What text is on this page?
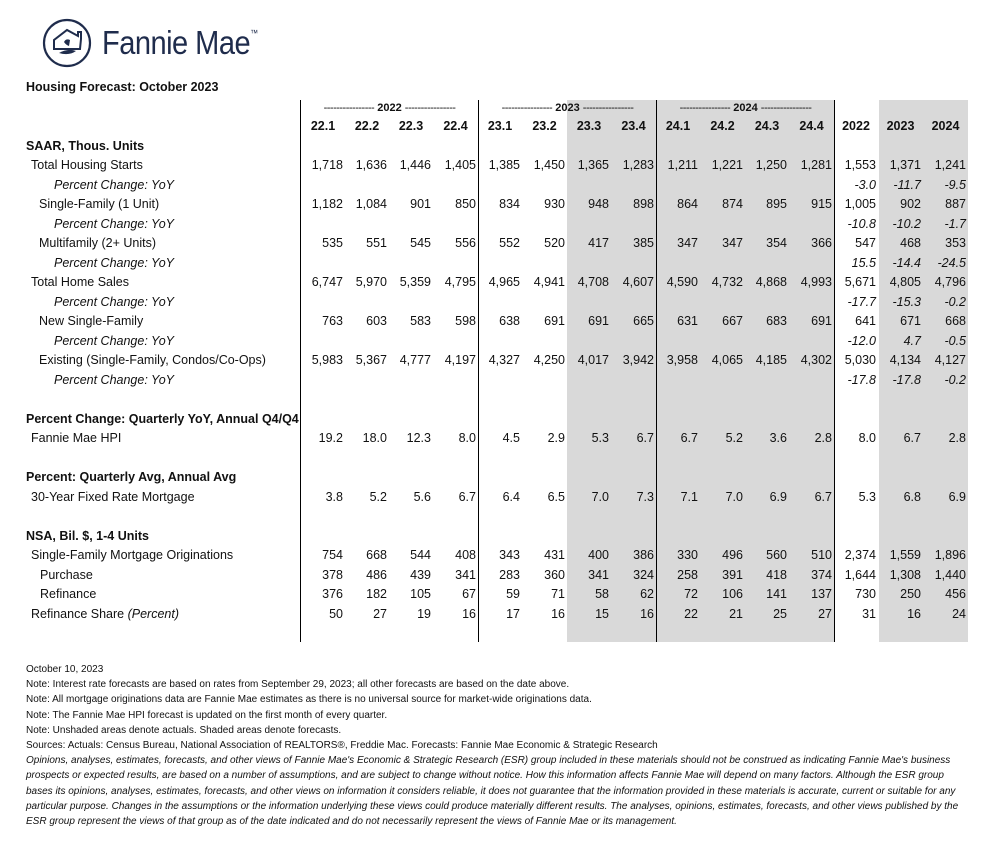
Fannie Mae™
Housing Forecast: October 2023
---------------- 2022 ----------------	---------------- 2023 ----------------	---------------- 2024 ----------------
	22.1	22.2	22.3	22.4	23.1	23.2	23.3	23.4	24.1	24.2	24.3	24.4	2022	2023	2024
SAAR, Thous. Units															
Total Housing Starts	1,718	1,636	1,446	1,405	1,385	1,450	1,365	1,283	1,211	1,221	1,250	1,281	1,553	1,371	1,241
Percent Change: YoY													-3.0	-11.7	-9.5
Single-Family (1 Unit)	1,182	1,084	901	850	834	930	948	898	864	874	895	915	1,005	902	887
Percent Change: YoY													-10.8	-10.2	-1.7
Multifamily (2+ Units)	535	551	545	556	552	520	417	385	347	347	354	366	547	468	353
Percent Change: YoY													15.5	-14.4	-24.5
Total Home Sales	6,747	5,970	5,359	4,795	4,965	4,941	4,708	4,607	4,590	4,732	4,868	4,993	5,671	4,805	4,796
Percent Change: YoY													-17.7	-15.3	-0.2
New Single-Family	763	603	583	598	638	691	691	665	631	667	683	691	641	671	668
Percent Change: YoY													-12.0	4.7	-0.5
Existing (Single-Family, Condos/Co-Ops)	5,983	5,367	4,777	4,197	4,327	4,250	4,017	3,942	3,958	4,065	4,185	4,302	5,030	4,134	4,127
Percent Change: YoY													-17.8	-17.8	-0.2

Percent Change: Quarterly YoY, Annual Q4/Q4															
Fannie Mae HPI	19.2	18.0	12.3	8.0	4.5	2.9	5.3	6.7	6.7	5.2	3.6	2.8	8.0	6.7	2.8

Percent: Quarterly Avg, Annual Avg															
30-Year Fixed Rate Mortgage	3.8	5.2	5.6	6.7	6.4	6.5	7.0	7.3	7.1	7.0	6.9	6.7	5.3	6.8	6.9

NSA, Bil. $, 1-4 Units															
Single-Family Mortgage Originations	754	668	544	408	343	431	400	386	330	496	560	510	2,374	1,559	1,896
Purchase	378	486	439	341	283	360	341	324	258	391	418	374	1,644	1,308	1,440
Refinance	376	182	105	67	59	71	58	62	72	106	141	137	730	250	456
Refinance Share (Percent)	50	27	19	16	17	16	15	16	22	21	25	27	31	16	24
October 10, 2023
Note: Interest rate forecasts are based on rates from September 29, 2023; all other forecasts are based on the date above.
Note: All mortgage originations data are Fannie Mae estimates as there is no universal source for market-wide originations data.
Note: The Fannie Mae HPI forecast is updated on the first month of every quarter.
Note: Unshaded areas denote actuals. Shaded areas denote forecasts.
Sources: Actuals: Census Bureau, National Association of REALTORS®, Freddie Mac. Forecasts: Fannie Mae Economic & Strategic Research
Opinions, analyses, estimates, forecasts, and other views of Fannie Mae's Economic & Strategic Research (ESR) group included in these materials should not be construed as indicating Fannie Mae's business prospects or expected results, are based on a number of assumptions, and are subject to change without notice. How this information affects Fannie Mae will depend on many factors. Although the ESR group bases its opinions, analyses, estimates, forecasts, and other views on information it considers reliable, it does not guarantee that the information provided in these materials is accurate, current or suitable for any particular purpose. Changes in the assumptions or the information underlying these views could produce materially different results. The analyses, opinions, estimates, forecasts, and other views published by the ESR group represent the views of that group as of the date indicated and do not necessarily represent the views of Fannie Mae or its management.
